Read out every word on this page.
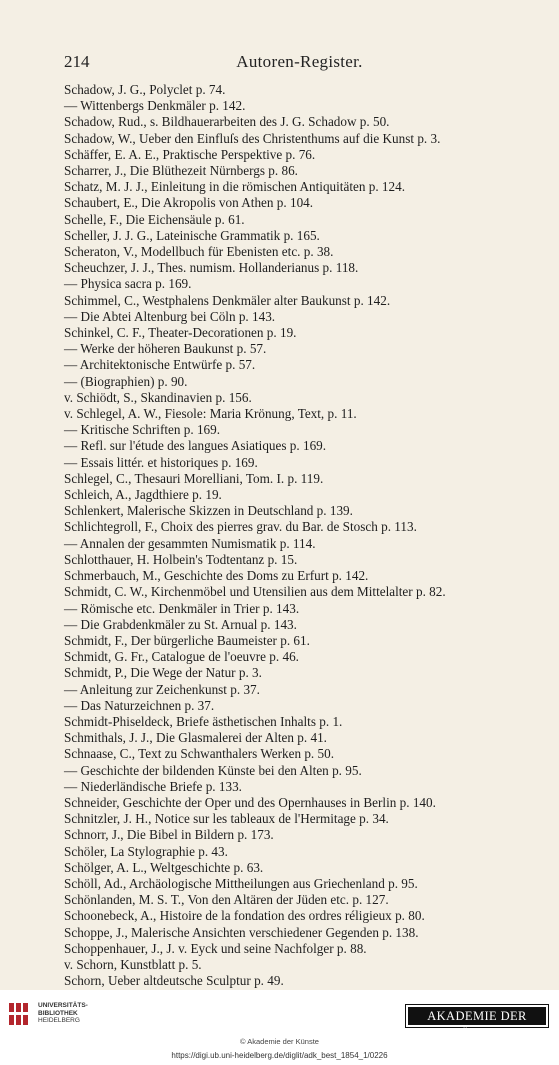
214	Autoren-Register.
Schadow, J. G., Polyclet p. 74.
— Wittenbergs Denkmäler p. 142.
Schadow, Rud., s. Bildhauerarbeiten des J. G. Schadow p. 50.
Schadow, W., Ueber den Einfluſs des Christenthums auf die Kunst p. 3.
Schäffer, E. A. E., Praktische Perspektive p. 76.
Scharrer, J., Die Blüthezeit Nürnbergs p. 86.
Schatz, M. J. J., Einleitung in die römischen Antiquitäten p. 124.
Schaubert, E., Die Akropolis von Athen p. 104.
Schelle, F., Die Eichensäule p. 61.
Scheller, J. J. G., Lateinische Grammatik p. 165.
Scheraton, V., Modellbuch für Ebenisten etc. p. 38.
Scheuchzer, J. J., Thes. numism. Hollanderianus p. 118.
— Physica sacra p. 169.
Schimmel, C., Westphalens Denkmäler alter Baukunst p. 142.
— Die Abtei Altenburg bei Cöln p. 143.
Schinkel, C. F., Theater-Decorationen p. 19.
— Werke der höheren Baukunst p. 57.
— Architektonische Entwürfe p. 57.
— (Biographien) p. 90.
v. Schiödt, S., Skandinavien p. 156.
v. Schlegel, A. W., Fiesole: Maria Krönung, Text, p. 11.
— Kritische Schriften p. 169.
— Refl. sur l'étude des langues Asiatiques p. 169.
— Essais littér. et historiques p. 169.
Schlegel, C., Thesauri Morelliani, Tom. I. p. 119.
Schleich, A., Jagdthiere p. 19.
Schlenkert, Malerische Skizzen in Deutschland p. 139.
Schlichtegroll, F., Choix des pierres grav. du Bar. de Stosch p. 113.
— Annalen der gesammten Numismatik p. 114.
Schlotthauer, H. Holbein's Todtentanz p. 15.
Schmerbauch, M., Geschichte des Doms zu Erfurt p. 142.
Schmidt, C. W., Kirchenmöbel und Utensilien aus dem Mittelalter p. 82.
— Römische etc. Denkmäler in Trier p. 143.
— Die Grabdenkmäler zu St. Arnual p. 143.
Schmidt, F., Der bürgerliche Baumeister p. 61.
Schmidt, G. Fr., Catalogue de l'oeuvre p. 46.
Schmidt, P., Die Wege der Natur p. 3.
— Anleitung zur Zeichenkunst p. 37.
— Das Naturzeichnen p. 37.
Schmidt-Phiseldeck, Briefe ästhetischen Inhalts p. 1.
Schmithals, J. J., Die Glasmalerei der Alten p. 41.
Schnaase, C., Text zu Schwanthalers Werken p. 50.
— Geschichte der bildenden Künste bei den Alten p. 95.
— Niederländische Briefe p. 133.
Schneider, Geschichte der Oper und des Opernhauses in Berlin p. 140.
Schnitzler, J. H., Notice sur les tableaux de l'Hermitage p. 34.
Schnorr, J., Die Bibel in Bildern p. 173.
Schöler, La Stylographie p. 43.
Schölger, A. L., Weltgeschichte p. 63.
Schöll, Ad., Archäologische Mittheilungen aus Griechenland p. 95.
Schönlanden, M. S. T., Von den Altären der Jüden etc. p. 127.
Schoonebeck, A., Histoire de la fondation des ordres réligieux p. 80.
Schoppe, J., Malerische Ansichten verschiedener Gegenden p. 138.
Schoppenhauer, J., J. v. Eyck und seine Nachfolger p. 88.
v. Schorn, Kunstblatt p. 5.
Schorn, Ueber altdeutsche Sculptur p. 49.
UNIVERSITÄTS-
BIBLIOTHEK
HEIDELBERG	AKADEMIE DER KÜNSTE
© Akademie der Künste
https://digi.ub.uni-heidelberg.de/diglit/adk_best_1854_1/0226
